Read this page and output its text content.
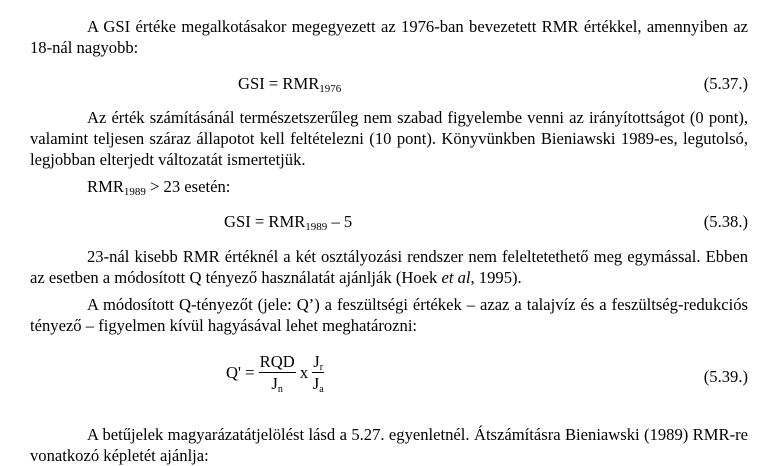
A GSI értéke megalkotásakor megegyezett az 1976-ban bevezetett RMR értékkel, amennyiben az 18-nál nagyobb:

GSI = $RMR_{1976}$	(5.37.)

Az érték számításánál természetszerűleg nem szabad figyelembe venni az irányítottságot (0 pont), valamint teljesen száraz állapotot kell feltételezni (10 pont). Könyvünkben Bieniawski 1989-es, legutolsó, legjobban elterjedt változatát ismertetjük.

$RMR_{1989} > 23$ esetén:

GSI = $RMR_{1989} - 5$	(5.38.)

23-nál kisebb RMR értéknél a két osztályozási rendszer nem feleltetethető meg egymással. Ebben az esetben a módosított Q tényező használatát ajánlják (Hoek et al, 1995).

A módosított Q-tényezőt (jele: Q’) a feszültségi értékek – azaz a talajvíz és a feszültség-redukciós tényező – figyelmen kívül hagyásával lehet meghatározni:

$Q' = \frac{\text{RQD}}{J_n}$ x $\frac{J_r}{J_a}$	(5.39.)

A betűjelek magyarázatátjelölést lásd a 5.27. egyenletnél. Átszámításra Bieniawski (1989) RMR-re vonatkozó képletét ajánlja:
